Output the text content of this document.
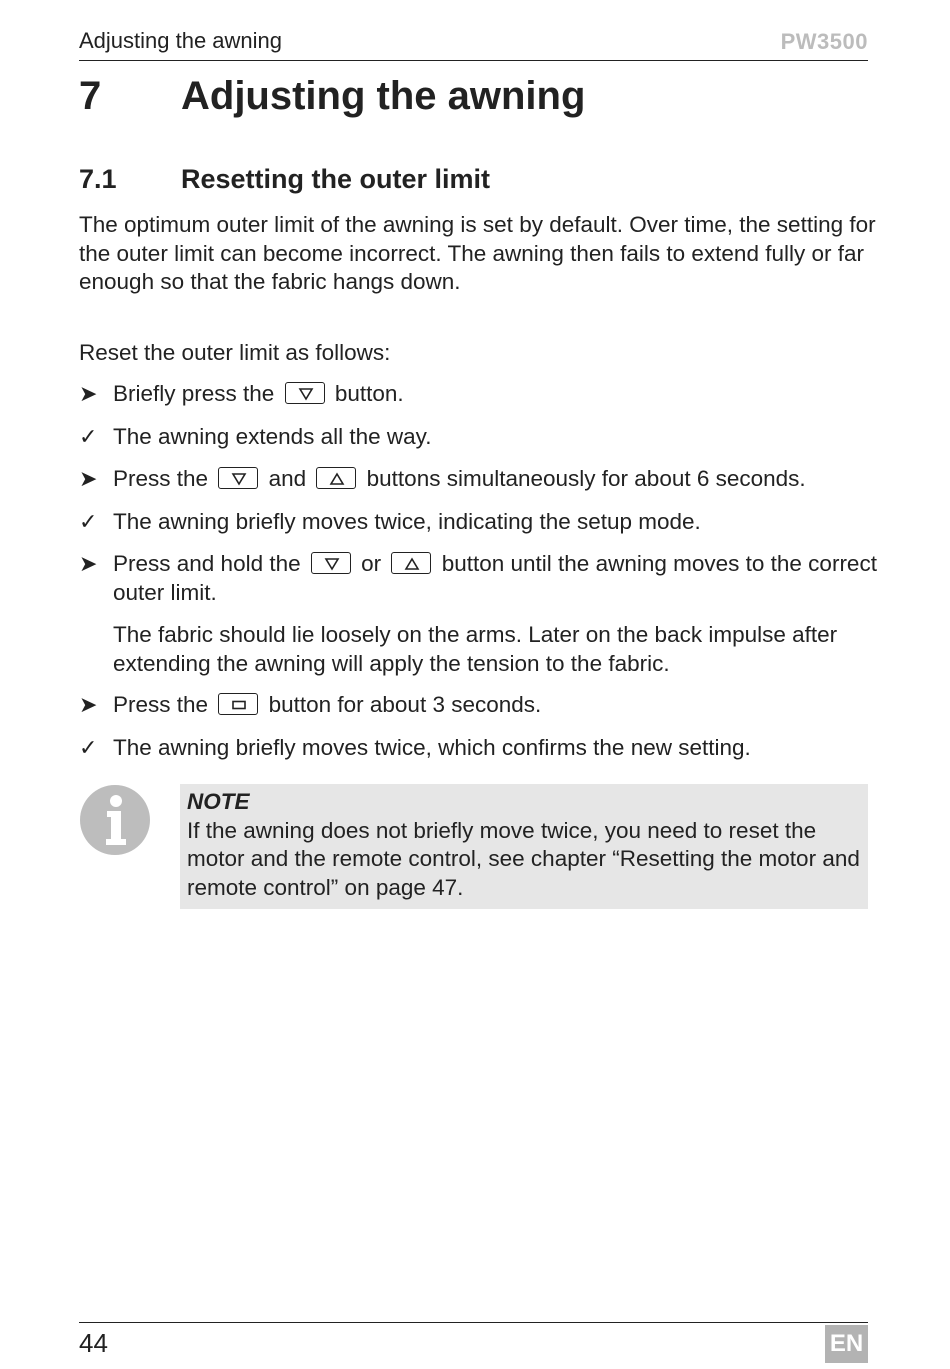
Adjusting the awning	PW3500
7 Adjusting the awning
7.1 Resetting the outer limit

The optimum outer limit of the awning is set by default. Over time, the setting for the outer limit can become incorrect. The awning then fails to extend fully or far enough so that the fabric hangs down.

Reset the outer limit as follows:

➤ Briefly press the	button.
✓ The awning extends all the way.
➤ Press the	and	buttons simultaneously for about 6 seconds.
✓ The awning briefly moves twice, indicating the setup mode.
➤ Press and hold the	or	button until the awning moves to the correct outer limit.

The fabric should lie loosely on the arms. Later on the back impulse after extending the awning will apply the tension to the fabric.

➤ Press the	button for about 3 seconds.
✓ The awning briefly moves twice, which confirms the new setting.
NOTE

If the awning does not briefly move twice, you need to reset the motor and the remote control, see chapter “Resetting the motor and remote control” on page 47.

44	EN
